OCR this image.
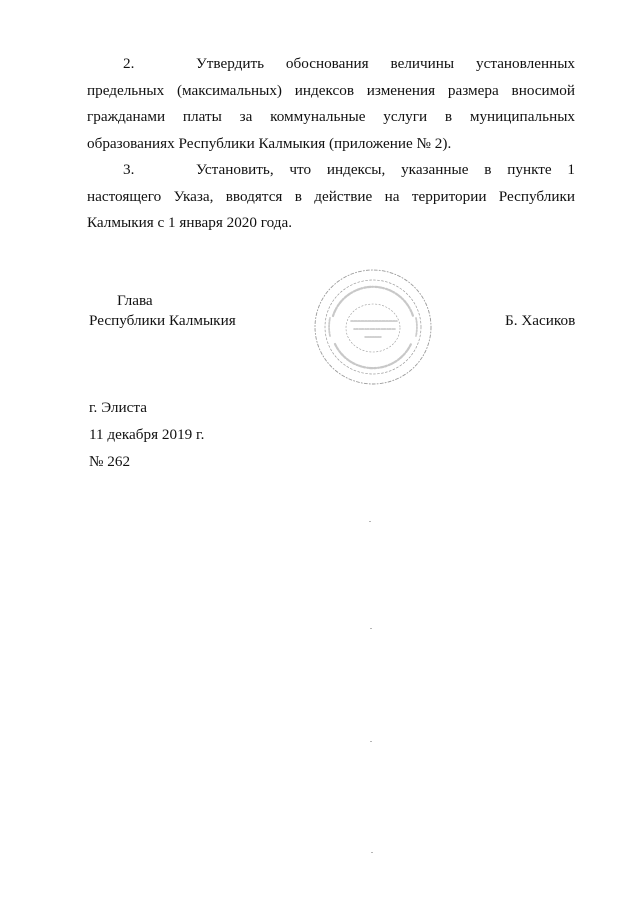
2.	Утвердить обоснования величины установленных предельных (максимальных) индексов изменения размера вносимой гражданами платы за коммунальные услуги в муниципальных образованиях Республики Калмыкия (приложение № 2).

3.	Установить, что индексы, указанные в пункте 1 настоящего Указа, вводятся в действие на территории Республики Калмыкия с 1 января 2020 года.

Глава
Республики Калмыкия	Б. Хасиков
г. Элиста
11 декабря 2019 г.
№ 262
